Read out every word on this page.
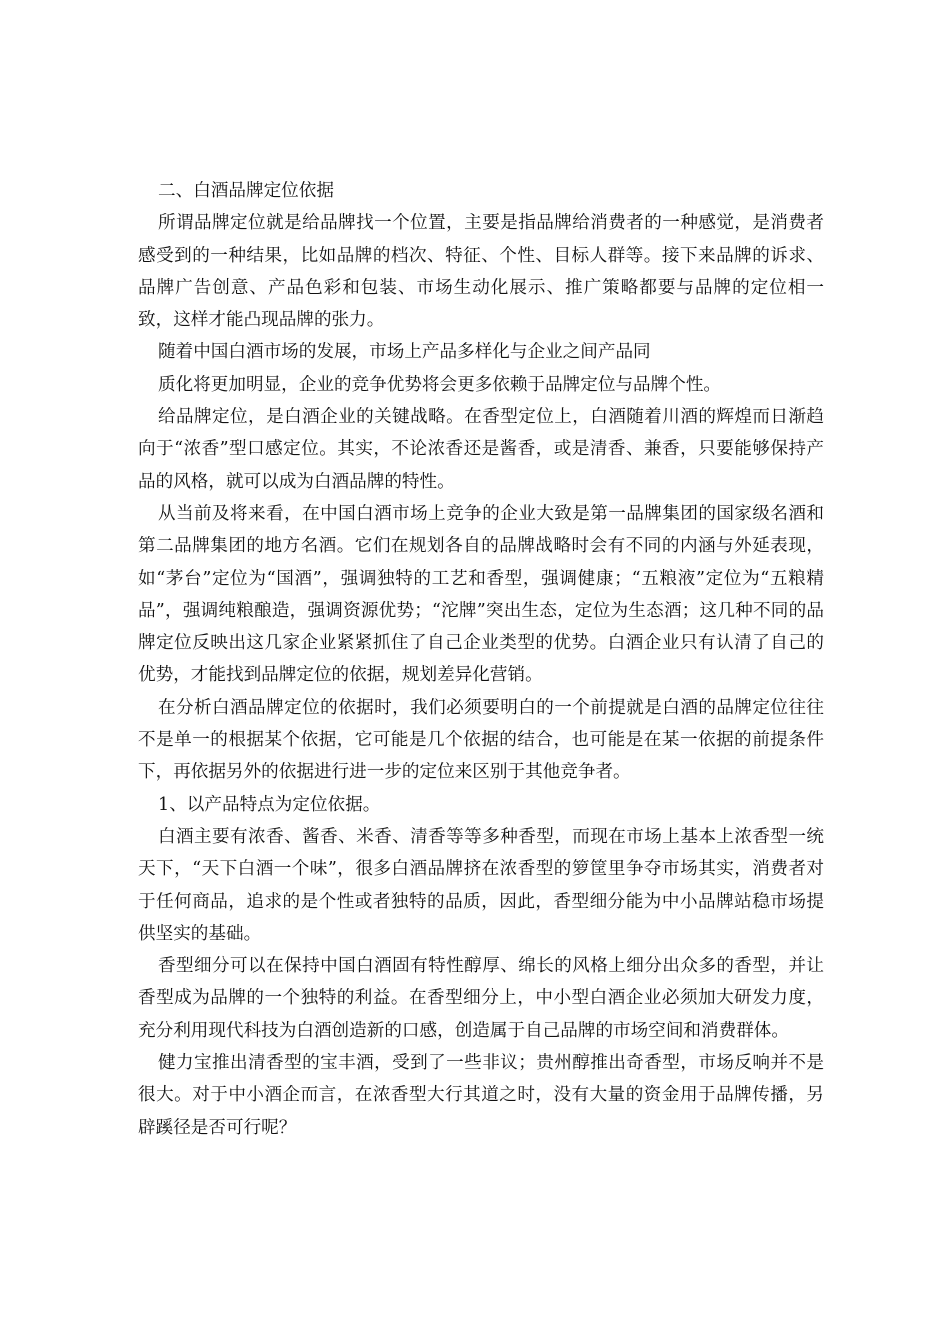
二、白酒品牌定位依据

所谓品牌定位就是给品牌找一个位置，主要是指品牌给消费者的一种感觉，是消费者感受到的一种结果，比如品牌的档次、特征、个性、目标人群等。接下来品牌的诉求、品牌广告创意、产品色彩和包装、市场生动化展示、推广策略都要与品牌的定位相一致，这样才能凸现品牌的张力。

随着中国白酒市场的发展，市场上产品多样化与企业之间产品同

质化将更加明显，企业的竞争优势将会更多依赖于品牌定位与品牌个性。

给品牌定位，是白酒企业的关键战略。在香型定位上，白酒随着川酒的辉煌而日渐趋向于“浓香”型口感定位。其实，不论浓香还是酱香，或是清香、兼香，只要能够保持产品的风格，就可以成为白酒品牌的特性。

从当前及将来看，在中国白酒市场上竞争的企业大致是第一品牌集团的国家级名酒和第二品牌集团的地方名酒。它们在规划各自的品牌战略时会有不同的内涵与外延表现，如“茅台”定位为“国酒”，强调独特的工艺和香型，强调健康；“五粮液”定位为“五粮精品”，强调纯粮酿造，强调资源优势；“沱牌”突出生态，定位为生态酒；这几种不同的品牌定位反映出这几家企业紧紧抓住了自己企业类型的优势。白酒企业只有认清了自己的优势，才能找到品牌定位的依据，规划差异化营销。

在分析白酒品牌定位的依据时，我们必须要明白的一个前提就是白酒的品牌定位往往不是单一的根据某个依据，它可能是几个依据的结合，也可能是在某一依据的前提条件下，再依据另外的依据进行进一步的定位来区别于其他竞争者。

1、以产品特点为定位依据。

白酒主要有浓香、酱香、米香、清香等等多种香型，而现在市场上基本上浓香型一统天下，“天下白酒一个味”，很多白酒品牌挤在浓香型的箩筐里争夺市场其实，消费者对于任何商品，追求的是个性或者独特的品质，因此，香型细分能为中小品牌站稳市场提供坚实的基础。

香型细分可以在保持中国白酒固有特性醇厚、绵长的风格上细分出众多的香型，并让香型成为品牌的一个独特的利益。在香型细分上，中小型白酒企业必须加大研发力度，充分利用现代科技为白酒创造新的口感，创造属于自己品牌的市场空间和消费群体。

健力宝推出清香型的宝丰酒，受到了一些非议；贵州醇推出奇香型，市场反响并不是很大。对于中小酒企而言，在浓香型大行其道之时，没有大量的资金用于品牌传播，另辟蹊径是否可行呢？
